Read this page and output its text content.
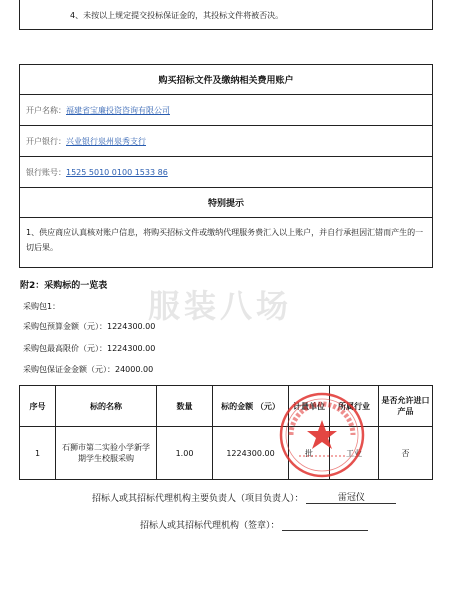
4、未按以上规定提交投标保证金的，其投标文件将被否决。
购买招标文件及缴纳相关费用账户
开户名称： 福建省宝廉投资咨询有限公司
开户银行： 兴业银行泉州泉秀支行
银行账号： 1525 5010 0100 1533 86
特别提示
1、供应商应认真核对账户信息，将购买招标文件或缴纳代理服务费汇入以上账户，并自行承担因汇错而产生的一切后果。
附2：采购标的一览表
服装八场
采购包1：
采购包预算金额（元）：1224300.00
采购包最高限价（元）：1224300.00
采购包保证金金额（元）：24000.00
序号	标的名称	数量	标的金额 （元）	计量单位	所属行业	是否允许进口产品
1	石狮市第二实验小学新学期学生校服采购	1.00	1224300.00	批	工业	否
招标人或其招标代理机构主要负责人（项目负责人）：	雷冠仪
招标人或其招标代理机构（签章）：
